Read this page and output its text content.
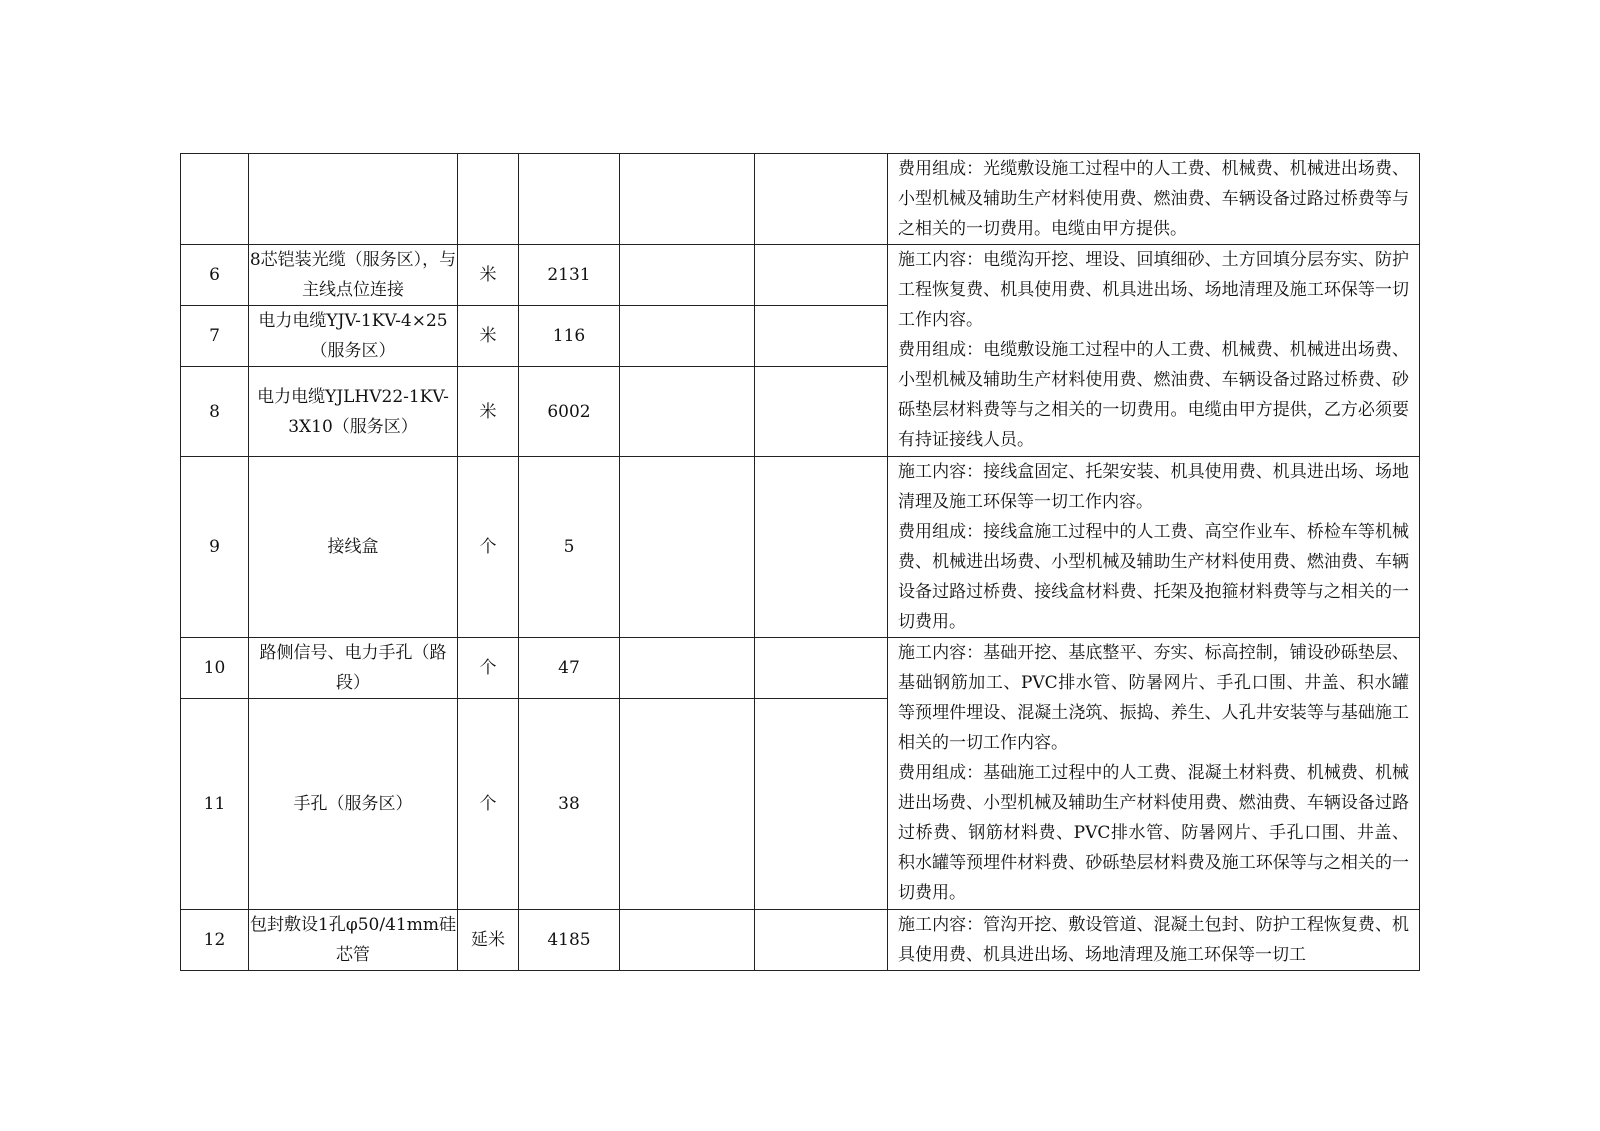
						费用组成：光缆敷设施工过程中的人工费、机械费、机械进出场费、小型机械及辅助生产材料使用费、燃油费、车辆设备过路过桥费等与之相关的一切费用。电缆由甲方提供。

6	8芯铠装光缆（服务区），与主线点位连接	米	2131			施工内容：电缆沟开挖、埋设、回填细砂、土方回填分层夯实、防护工程恢复费、机具使用费、机具进出场、场地清理及施工环保等一切工作内容。

费用组成：电缆敷设施工过程中的人工费、机械费、机械进出场费、小型机械及辅助生产材料使用费、燃油费、车辆设备过路过桥费、砂砾垫层材料费等与之相关的一切费用。电缆由甲方提供，乙方必须要有持证接线人员。

7	电力电缆YJV-1KV-4×25（服务区）	米	116			
8	电力电缆YJLHV22-1KV-3X10（服务区）	米	6002			
9	接线盒	个	5			施工内容：接线盒固定、托架安装、机具使用费、机具进出场、场地清理及施工环保等一切工作内容。

费用组成：接线盒施工过程中的人工费、高空作业车、桥检车等机械费、机械进出场费、小型机械及辅助生产材料使用费、燃油费、车辆设备过路过桥费、接线盒材料费、托架及抱箍材料费等与之相关的一切费用。

10	路侧信号、电力手孔（路段）	个	47			施工内容：基础开挖、基底整平、夯实、标高控制，铺设砂砾垫层、基础钢筋加工、PVC排水管、防暑网片、手孔口围、井盖、积水罐等预埋件埋设、混凝土浇筑、振捣、养生、人孔井安装等与基础施工相关的一切工作内容。

费用组成：基础施工过程中的人工费、混凝土材料费、机械费、机械进出场费、小型机械及辅助生产材料使用费、燃油费、车辆设备过路过桥费、钢筋材料费、PVC排水管、防暑网片、手孔口围、井盖、积水罐等预埋件材料费、砂砾垫层材料费及施工环保等与之相关的一切费用。

11	手孔（服务区）	个	38			
12	包封敷设1孔φ50/41mm硅芯管	延米	4185			施工内容：管沟开挖、敷设管道、混凝土包封、防护工程恢复费、机具使用费、机具进出场、场地清理及施工环保等一切工
